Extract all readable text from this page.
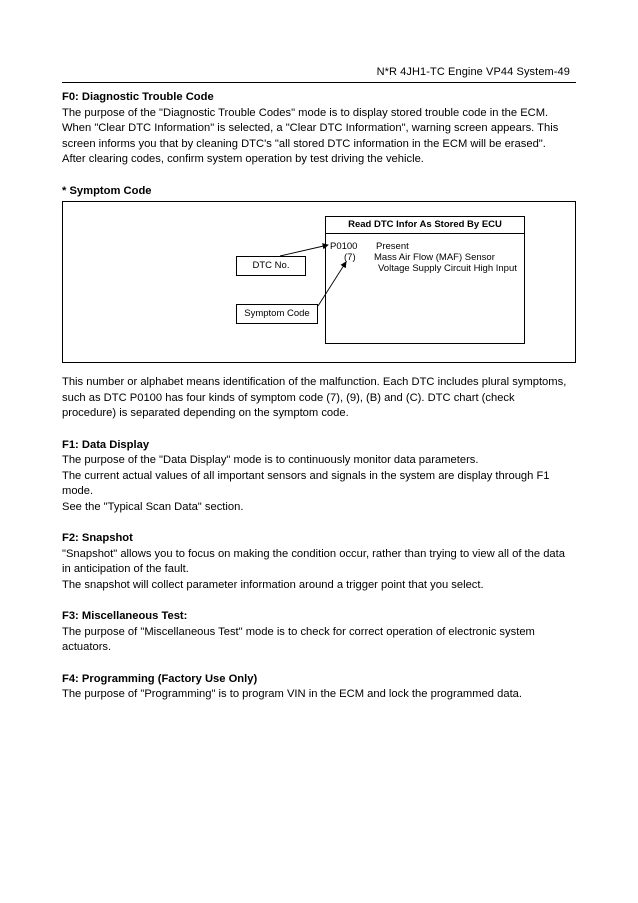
N*R 4JH1-TC Engine VP44 System-49
F0: Diagnostic Trouble Code
The purpose of the "Diagnostic Trouble Codes" mode is to display stored trouble code in the ECM.
When "Clear DTC Information" is selected, a "Clear DTC Information", warning screen appears. This
screen informs you that by cleaning DTC's "all stored DTC information in the ECM will be erased".
After clearing codes, confirm system operation by test driving the vehicle.
* Symptom Code
Read DTC Infor As Stored By ECU
P0100 Present
(7) Mass Air Flow (MAF) Sensor
Voltage Supply Circuit High Input
DTC No.
Symptom Code
This number or alphabet means identification of the malfunction. Each DTC includes plural symptoms,
such as DTC P0100 has four kinds of symptom code (7), (9), (B) and (C). DTC chart (check
procedure) is separated depending on the symptom code.
F1: Data Display
The purpose of the "Data Display" mode is to continuously monitor data parameters.
The current actual values of all important sensors and signals in the system are display through F1
mode.
See the "Typical Scan Data" section.
F2: Snapshot
"Snapshot" allows you to focus on making the condition occur, rather than trying to view all of the data
in anticipation of the fault.
The snapshot will collect parameter information around a trigger point that you select.
F3: Miscellaneous Test:
The purpose of "Miscellaneous Test" mode is to check for correct operation of electronic system
actuators.
F4: Programming (Factory Use Only)
The purpose of "Programming" is to program VIN in the ECM and lock the programmed data.
